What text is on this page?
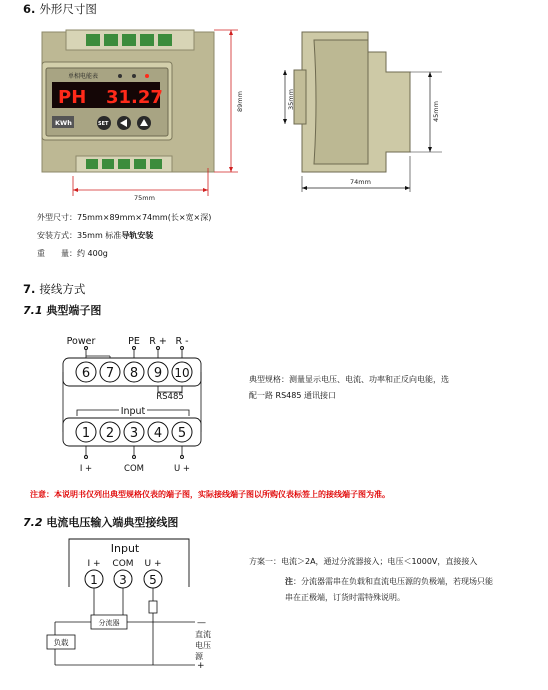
6. 外形尺寸图
单相电能表
PH 31.27
KWh	SET
75mm
89mm	35mm
45mm
74mm
外型尺寸：75mm×89mm×74mm(长×宽×深)
安装方式：35mm 标准导轨安装
重　　量：约 400g
7. 接线方式
7.1 典型端子图
Power	PE R + R -
6 7 8 9 10
RS485
Input
1 2 3 4 5
I +	COM	U +
典型规格：测量显示电压、电流、功率和正反向电能，选
配一路 RS485 通讯接口
注意：本说明书仅列出典型规格仪表的端子图，实际接线端子图以所购仪表标签上的接线端子图为准。
7.2 电流电压输入端典型接线图
Input
I + COM U +
1 3 5
分流器	—
负载
+
直流
电压
源
方案一：电流＞2A，通过分流器接入；电压＜1000V，直接接入
注：分流器需串在负载和直流电压源的负极端，若现场只能
串在正极端，订货时需特殊说明。
